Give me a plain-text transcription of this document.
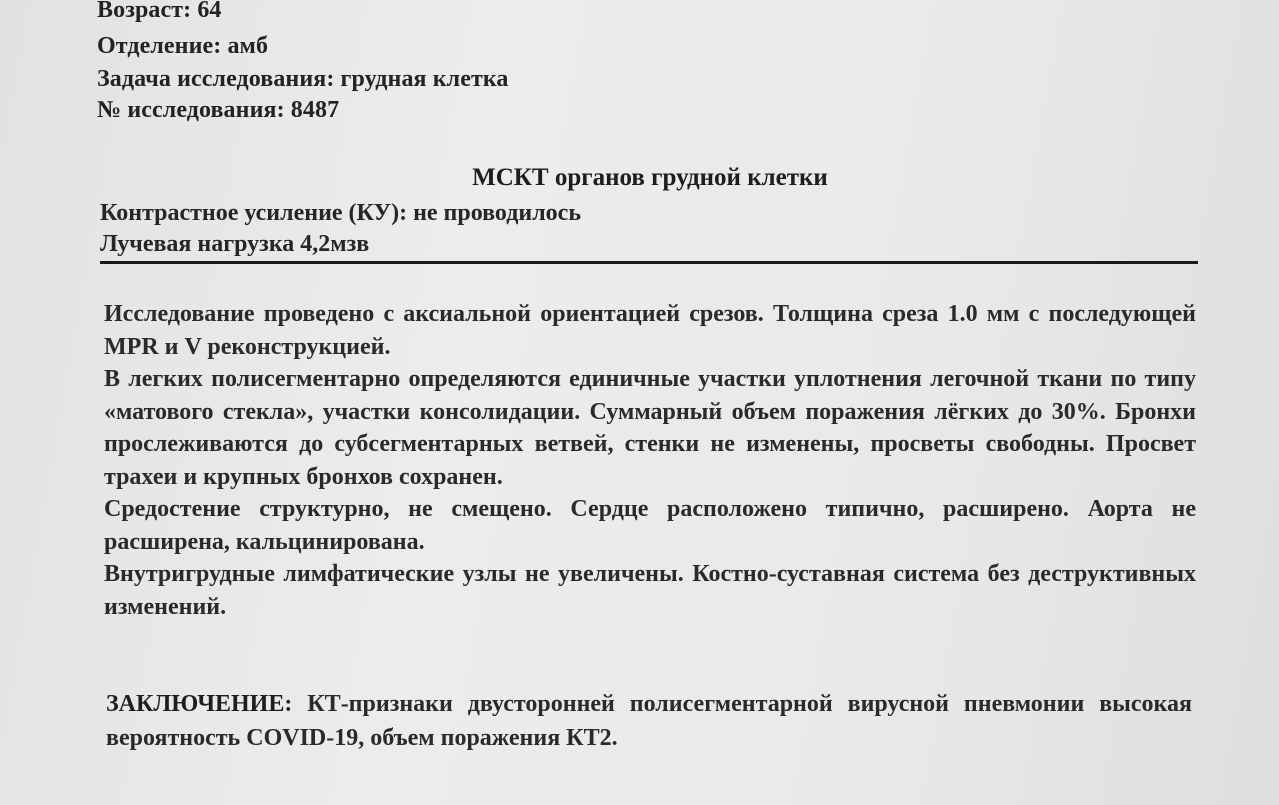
Возраст: 64
Отделение: амб
Задача исследования: грудная клетка
№ исследования: 8487
МСКТ органов грудной клетки
Контрастное усиление (КУ): не проводилось
Лучевая нагрузка 4,2мзв

Исследование проведено с аксиальной ориентацией срезов. Толщина среза 1.0 мм с последующей MPR и V реконструкцией.

В легких полисегментарно определяются единичные участки уплотнения легочной ткани по типу «матового стекла», участки консолидации. Суммарный объем поражения лёгких до 30%. Бронхи прослеживаются до субсегментарных ветвей, стенки не изменены, просветы свободны. Просвет трахеи и крупных бронхов сохранен.

Средостение структурно, не смещено. Сердце расположено типично, расширено. Аорта не расширена, кальцинирована.

Внутригрудные лимфатические узлы не увеличены. Костно-суставная система без деструктивных изменений.

ЗАКЛЮЧЕНИЕ: КТ-признаки двусторонней полисегментарной вирусной пневмонии высокая вероятность COVID-19, объем поражения КТ2.
